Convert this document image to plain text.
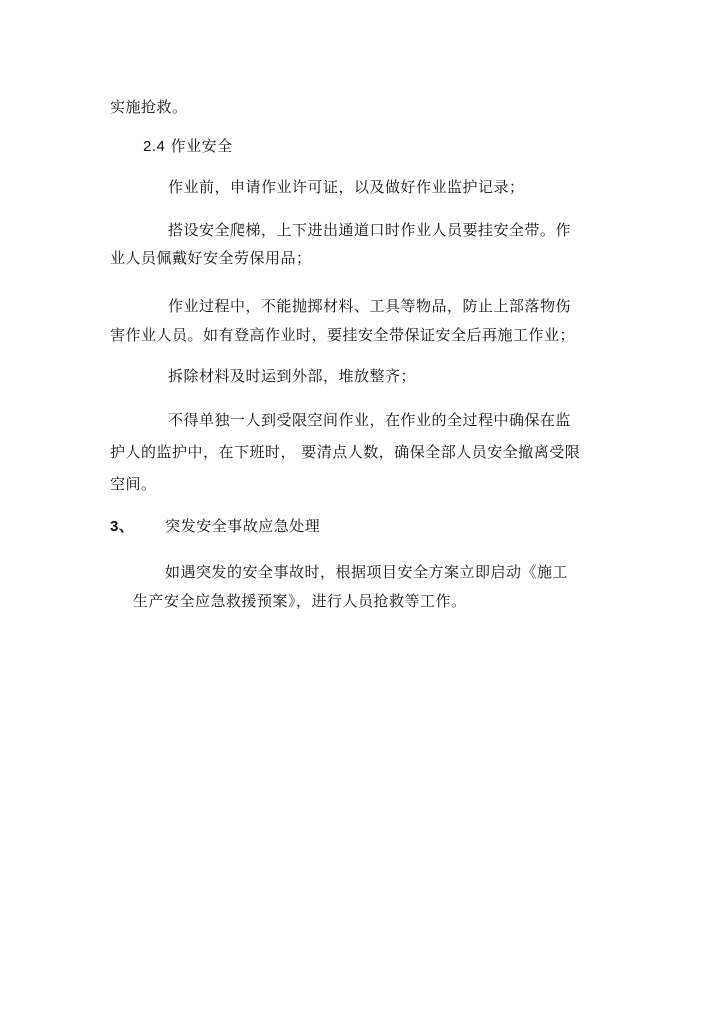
实施抢救。
2.4 作业安全
作业前，申请作业许可证，以及做好作业监护记录；
搭设安全爬梯，上下进出通道口时作业人员要挂安全带。作
业人员佩戴好安全劳保用品；
作业过程中，不能抛掷材料、工具等物品，防止上部落物伤
害作业人员。如有登高作业时，要挂安全带保证安全后再施工作业；
拆除材料及时运到外部，堆放整齐；
不得单独一人到受限空间作业，在作业的全过程中确保在监
护人的监护中，在下班时， 要清点人数，确保全部人员安全撤离受限
空间。
3、 突发安全事故应急处理
如遇突发的安全事故时，根据项目安全方案立即启动《施工
生产安全应急救援预案》，进行人员抢救等工作。
